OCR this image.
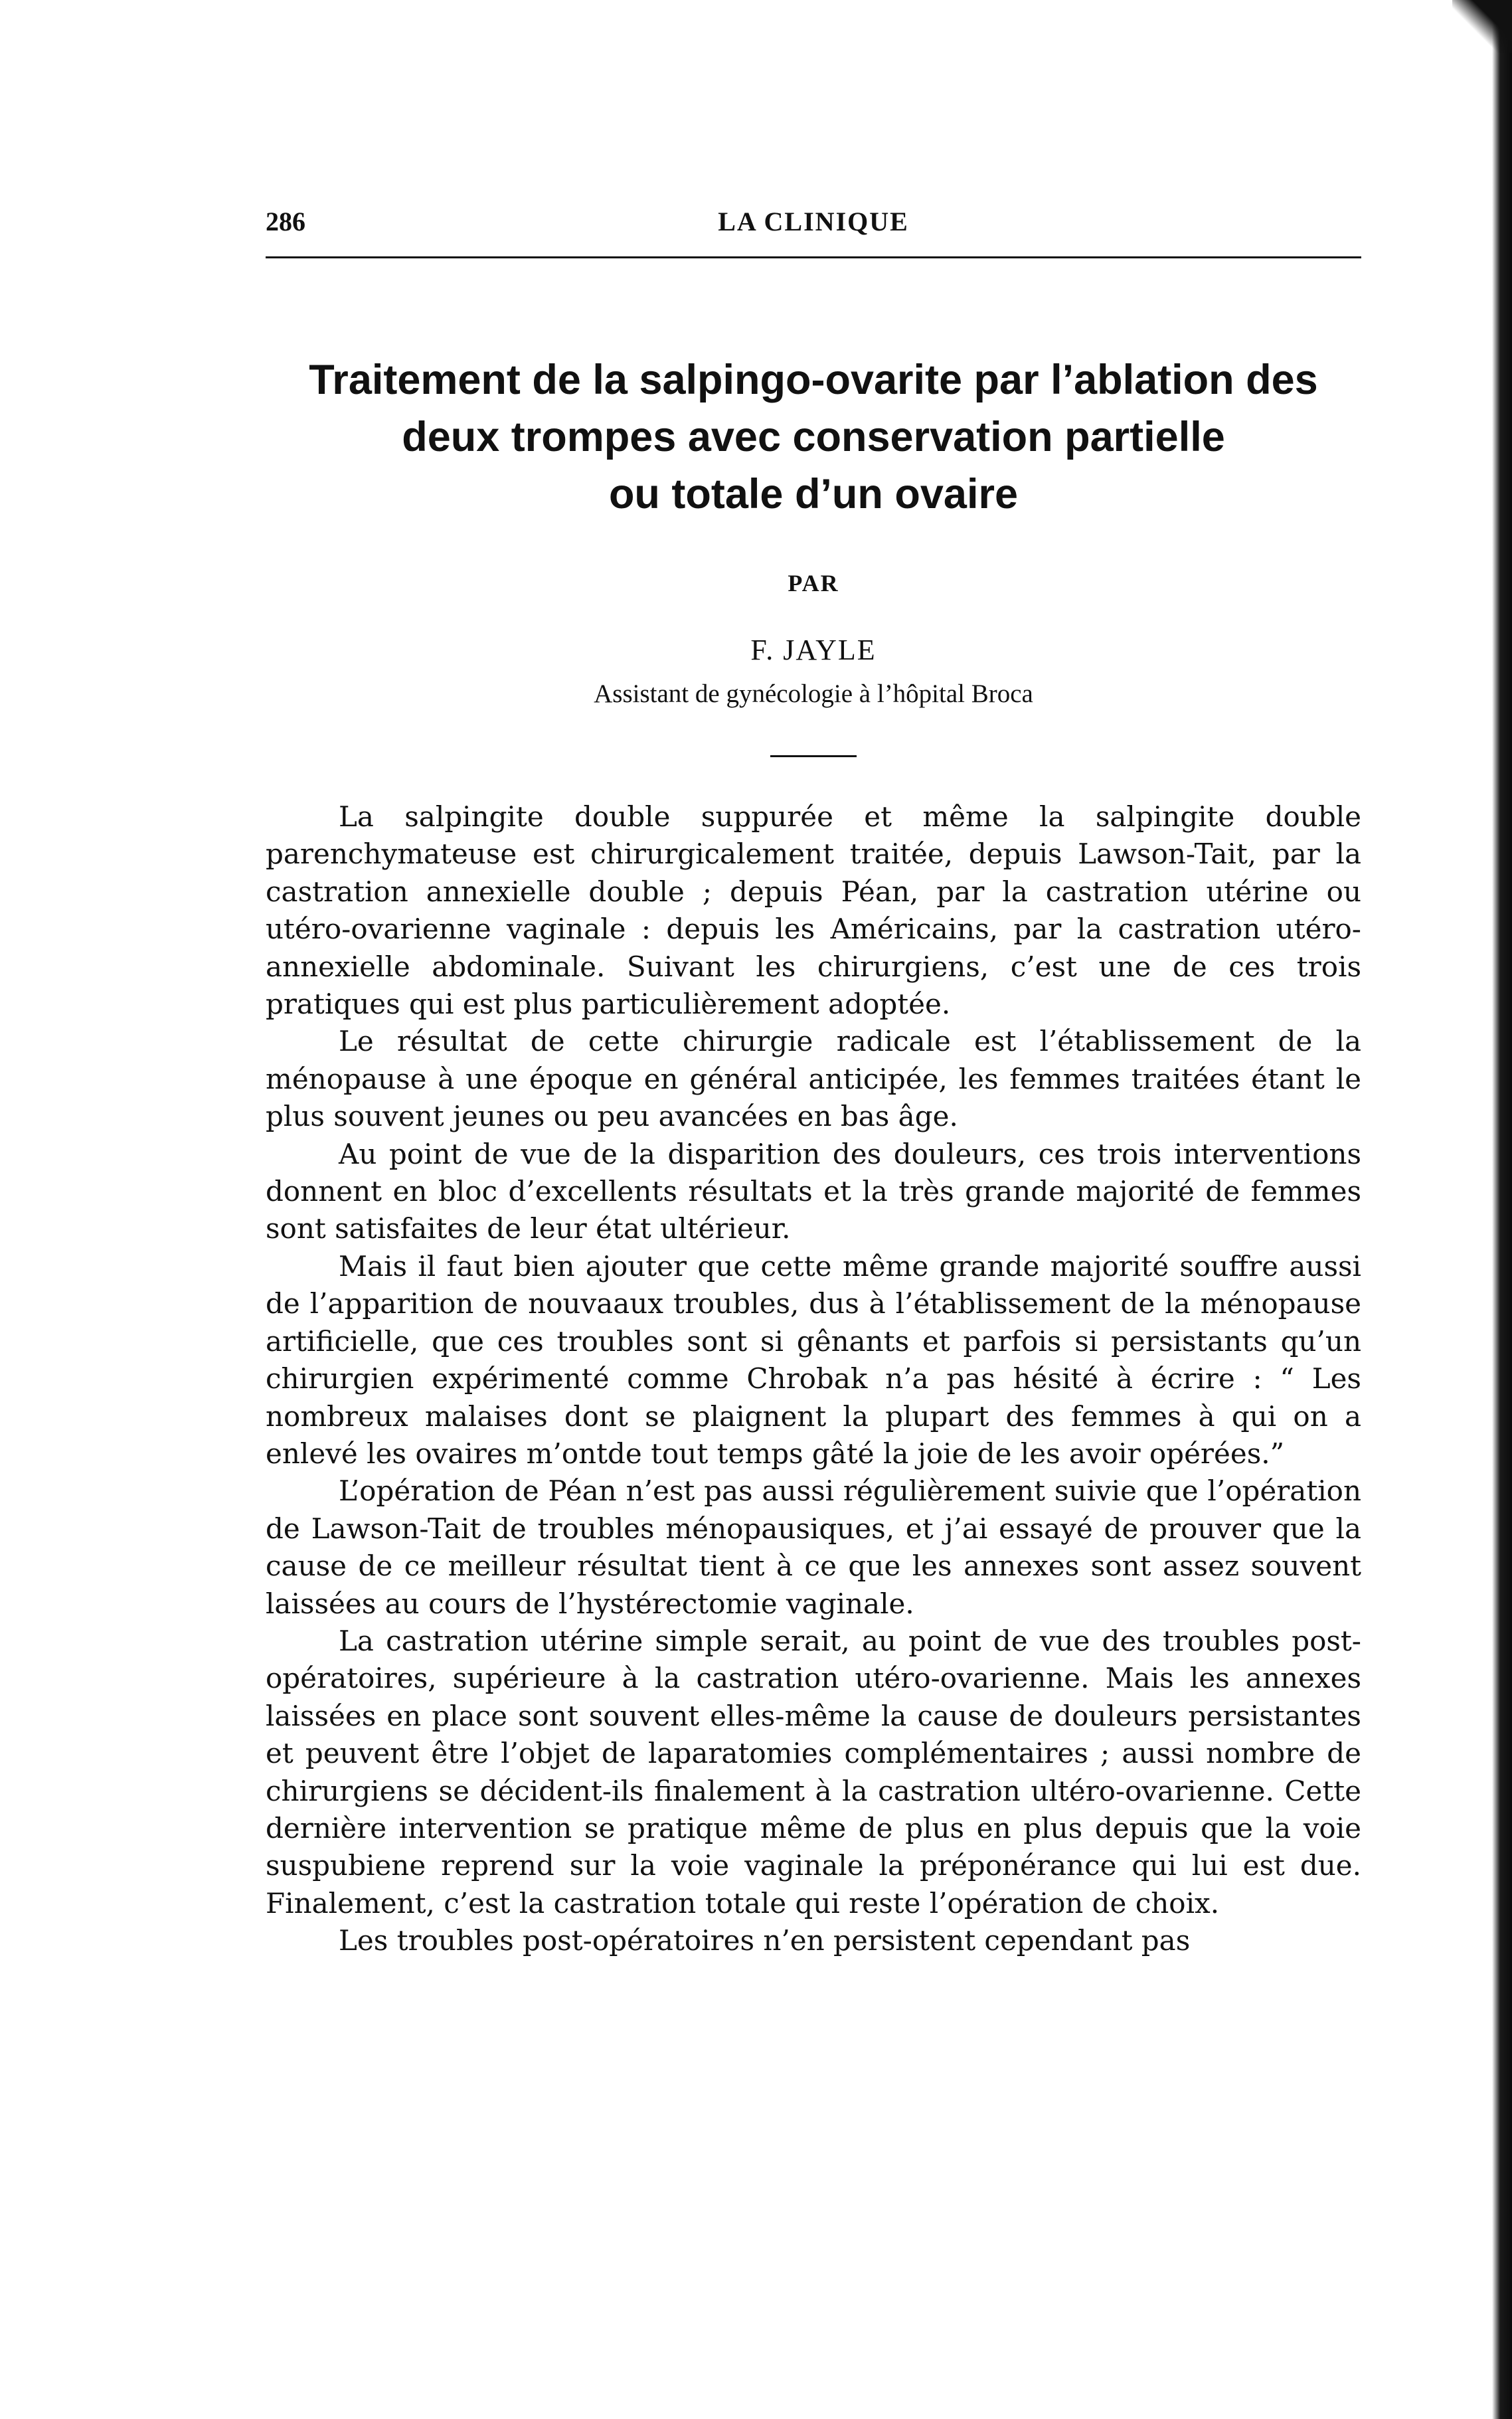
286	LA CLINIQUE
Traitement de la salpingo-ovarite par l’ablation des
deux trompes avec conservation partielle
ou totale d’un ovaire
PAR
F. JAYLE
Assistant de gynécologie à l’hôpital Broca

La salpingite double suppurée et même la salpingite double parenchymateuse est chirurgicalement traitée, depuis Lawson-Tait, par la castration annexielle double ; depuis Péan, par la castration utérine ou utéro-ovarienne vaginale : depuis les Américains, par la castration utéro-annexielle abdominale. Suivant les chirurgiens, c’est une de ces trois pratiques qui est plus particulièrement adoptée.

Le résultat de cette chirurgie radicale est l’établissement de la ménopause à une époque en général anticipée, les femmes traitées étant le plus souvent jeunes ou peu avancées en bas âge.

Au point de vue de la disparition des douleurs, ces trois interventions donnent en bloc d’excellents résultats et la très grande majorité de femmes sont satisfaites de leur état ultérieur.

Mais il faut bien ajouter que cette même grande majorité souffre aussi de l’apparition de nouvaaux troubles, dus à l’établissement de la ménopause artificielle, que ces troubles sont si gênants et parfois si persistants qu’un chirurgien expérimenté comme Chrobak n’a pas hésité à écrire : “ Les nombreux malaises dont se plaignent la plupart des femmes à qui on a enlevé les ovaires m’ontde tout temps gâté la joie de les avoir opérées.”

L’opération de Péan n’est pas aussi régulièrement suivie que l’opération de Lawson-Tait de troubles ménopausiques, et j’ai essayé de prouver que la cause de ce meilleur résultat tient à ce que les annexes sont assez souvent laissées au cours de l’hystérectomie vaginale.

La castration utérine simple serait, au point de vue des troubles post-opératoires, supérieure à la castration utéro-ovarienne. Mais les annexes laissées en place sont souvent elles-même la cause de douleurs persistantes et peuvent être l’objet de laparatomies complémentaires ; aussi nombre de chirurgiens se décident-ils finalement à la castration ultéro-ovarienne. Cette dernière intervention se pratique même de plus en plus depuis que la voie suspubiene reprend sur la voie vaginale la préponérance qui lui est due. Finalement, c’est la castration totale qui reste l’opération de choix.

Les troubles post-opératoires n’en persistent cependant pas
